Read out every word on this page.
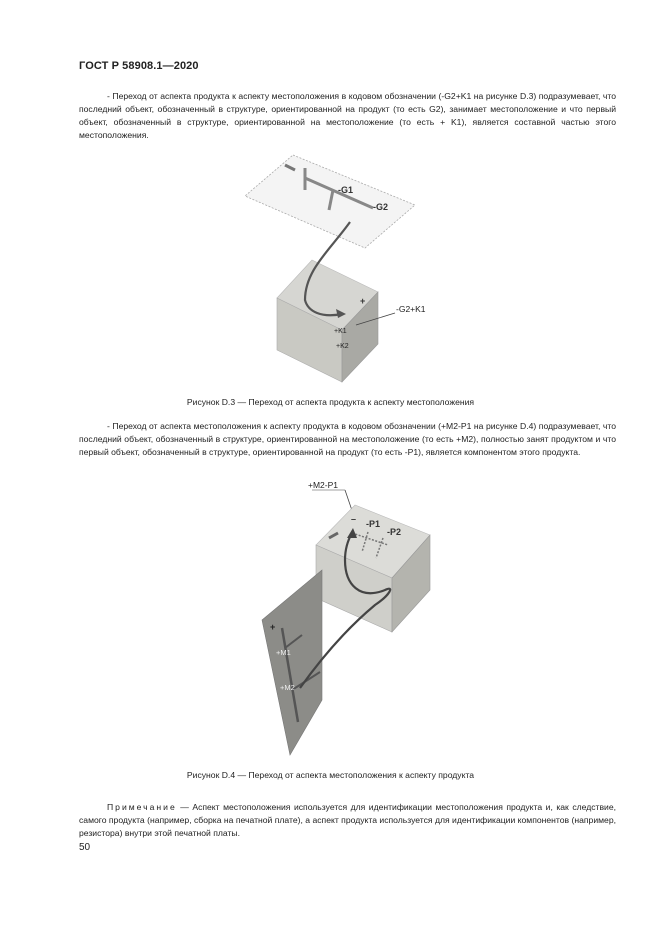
ГОСТ Р 58908.1—2020
- Переход от аспекта продукта к аспекту местоположения в кодовом обозначении (-G2+K1 на рисунке D.3) подразумевает, что последний объект, обозначенный в структуре, ориентированной на продукт (то есть G2), занимает местоположение и что первый объект, обозначенный в структуре, ориентированной на местоположение (то есть + K1), является составной частью этого местоположения.
-G1
-G2
+
+K1
+K2
-G2+K1
+M2-P1
– -P1
-P2
+
+M1
+M2
Рисунок D.3 — Переход от аспекта продукта к аспекту местоположения
- Переход от аспекта местоположения к аспекту продукта в кодовом обозначении (+M2-P1 на рисунке D.4) подразумевает, что последний объект, обозначенный в структуре, ориентированной на местоположение (то есть +M2), полностью занят продуктом и что первый объект, обозначенный в структуре, ориентированной на продукт (то есть -P1), является компонентом этого продукта.
Рисунок D.4 — Переход от аспекта местоположения к аспекту продукта
Примечание — Аспект местоположения используется для идентификации местоположения продукта и, как следствие, самого продукта (например, сборка на печатной плате), а аспект продукта используется для идентификации компонентов (например, резистора) внутри этой печатной платы.
50
